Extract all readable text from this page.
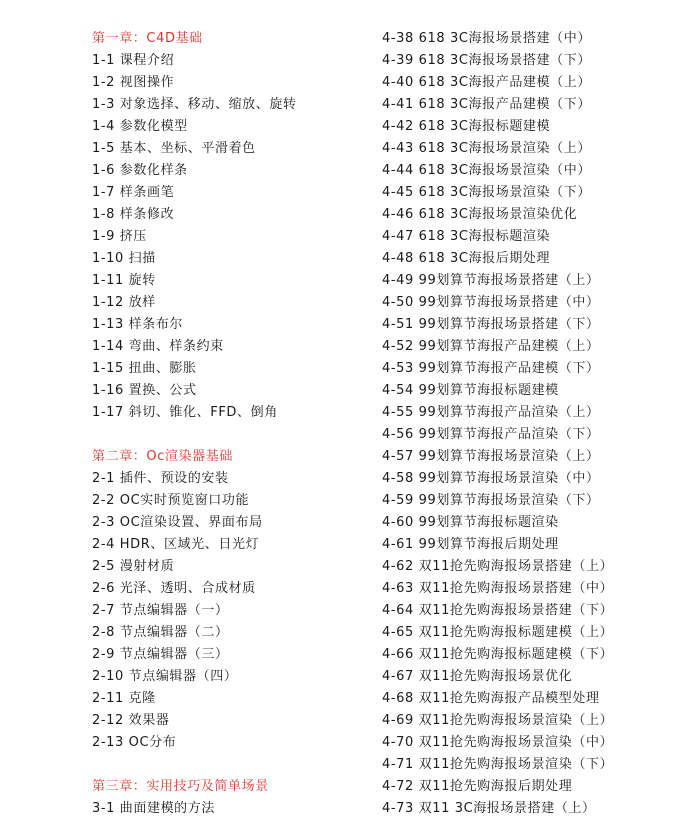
第一章：C4D基础
1-1 课程介绍
1-2 视图操作
1-3 对象选择、移动、缩放、旋转
1-4 参数化模型
1-5 基本、坐标、平滑着色
1-6 参数化样条
1-7 样条画笔
1-8 样条修改
1-9 挤压
1-10 扫描
1-11 旋转
1-12 放样
1-13 样条布尔
1-14 弯曲、样条约束
1-15 扭曲、膨胀
1-16 置换、公式
1-17 斜切、锥化、FFD、倒角
第二章：Oc渲染器基础
2-1 插件、预设的安装
2-2 OC实时预览窗口功能
2-3 OC渲染设置、界面布局
2-4 HDR、区域光、日光灯
2-5 漫射材质
2-6 光泽、透明、合成材质
2-7 节点编辑器（一）
2-8 节点编辑器（二）
2-9 节点编辑器（三）
2-10 节点编辑器（四）
2-11 克隆
2-12 效果器
2-13 OC分布
第三章：实用技巧及简单场景
3-1 曲面建模的方法
4-38 618 3C海报场景搭建（中）
4-39 618 3C海报场景搭建（下）
4-40 618 3C海报产品建模（上）
4-41 618 3C海报产品建模（下）
4-42 618 3C海报标题建模
4-43 618 3C海报场景渲染（上）
4-44 618 3C海报场景渲染（中）
4-45 618 3C海报场景渲染（下）
4-46 618 3C海报场景渲染优化
4-47 618 3C海报标题渲染
4-48 618 3C海报后期处理
4-49 99划算节海报场景搭建（上）
4-50 99划算节海报场景搭建（中）
4-51 99划算节海报场景搭建（下）
4-52 99划算节海报产品建模（上）
4-53 99划算节海报产品建模（下）
4-54 99划算节海报标题建模
4-55 99划算节海报产品渲染（上）
4-56 99划算节海报产品渲染（下）
4-57 99划算节海报场景渲染（上）
4-58 99划算节海报场景渲染（中）
4-59 99划算节海报场景渲染（下）
4-60 99划算节海报标题渲染
4-61 99划算节海报后期处理
4-62 双11抢先购海报场景搭建（上）
4-63 双11抢先购海报场景搭建（中）
4-64 双11抢先购海报场景搭建（下）
4-65 双11抢先购海报标题建模（上）
4-66 双11抢先购海报标题建模（下）
4-67 双11抢先购海报场景优化
4-68 双11抢先购海报产品模型处理
4-69 双11抢先购海报场景渲染（上）
4-70 双11抢先购海报场景渲染（中）
4-71 双11抢先购海报场景渲染（下）
4-72 双11抢先购海报后期处理
4-73 双11 3C海报场景搭建（上）
